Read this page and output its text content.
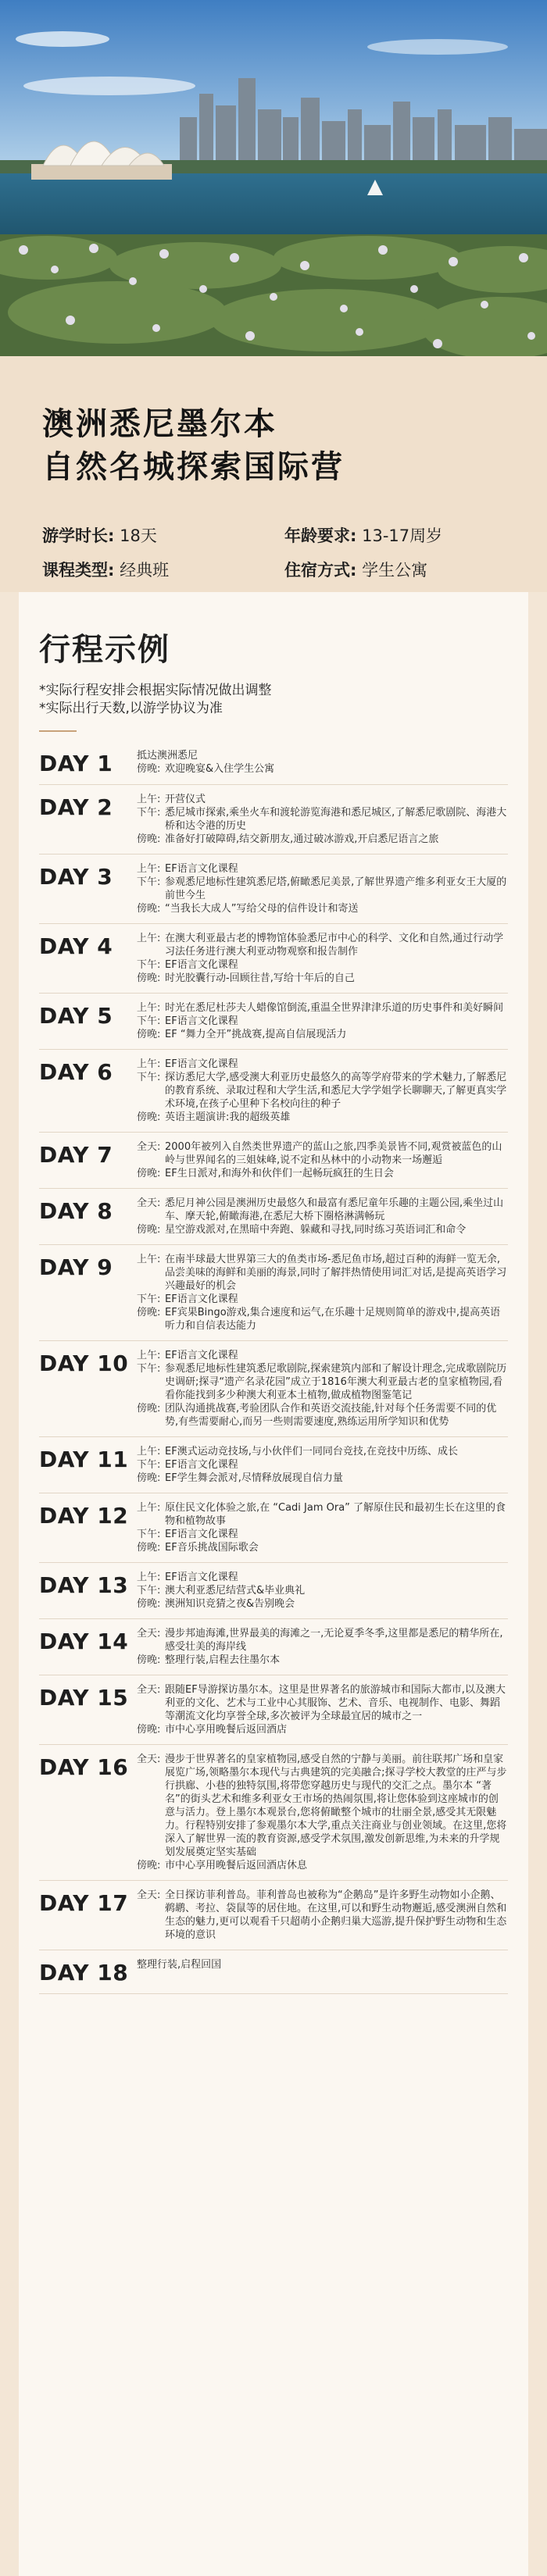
澳洲悉尼墨尔本
自然名城探索国际营
游学时长: 18天	年龄要求: 13-17周岁
课程类型: 经典班	住宿方式: 学生公寓
行程示例
*实际行程安排会根据实际情况做出调整
*实际出行天数,以游学协议为准
DAY 1	抵达澳洲悉尼
傍晚: 欢迎晚宴&入住学生公寓
DAY 2	上午: 开营仪式
下午: 悉尼城市探索,乘坐火车和渡轮游览海港和悉尼城区,了解悉尼歌剧院、海港大桥和达令港的历史
傍晚: 准备好打破障碍,结交新朋友,通过破冰游戏,开启悉尼语言之旅
DAY 3	上午: EF语言文化课程
下午: 参观悉尼地标性建筑悉尼塔,俯瞰悉尼美景,了解世界遗产维多利亚女王大厦的前世今生
傍晚: “当我长大成人”写给父母的信件设计和寄送
DAY 4	上午: 在澳大利亚最古老的博物馆体验悉尼市中心的科学、文化和自然,通过行动学习法任务进行澳大利亚动物观察和报告制作
下午: EF语言文化课程
傍晚: 时光胶囊行动-回顾往昔,写给十年后的自己
DAY 5	上午: 时光在悉尼杜莎夫人蜡像馆倒流,重温全世界津津乐道的历史事件和美好瞬间
下午: EF语言文化课程
傍晚: EF “舞力全开”挑战赛,提高自信展现活力
DAY 6	上午: EF语言文化课程
下午: 探访悉尼大学,感受澳大利亚历史最悠久的高等学府带来的学术魅力,了解悉尼的教育系统、录取过程和大学生活,和悉尼大学学姐学长聊聊天,了解更真实学术环境,在孩子心里种下名校向往的种子
傍晚: 英语主题演讲:我的超级英雄
DAY 7	全天: 2000年被列入自然类世界遗产的蓝山之旅,四季美景皆不同,观赏被蓝色的山岭与世界闻名的三姐妹峰,说不定和丛林中的小动物来一场邂逅
傍晚: EF生日派对,和海外和伙伴们一起畅玩疯狂的生日会
DAY 8	全天: 悉尼月神公园是澳洲历史最悠久和最富有悉尼童年乐趣的主题公园,乘坐过山车、摩天轮,俯瞰海港,在悉尼大桥下圈格淋满畅玩
傍晚: 星空游戏派对,在黑暗中奔跑、躲藏和寻找,同时练习英语词汇和命令
DAY 9	上午: 在南半球最大世界第三大的鱼类市场-悉尼鱼市场,超过百种的海鲜一览无余,品尝美味的海鲜和美丽的海景,同时了解拌热情使用词汇对话,是提高英语学习兴趣最好的机会
下午: EF语言文化课程
傍晚: EF宾果Bingo游戏,集合速度和运气,在乐趣十足规则简单的游戏中,提高英语听力和自信表达能力
DAY 10 上午: EF语言文化课程
下午: 参观悉尼地标性建筑悉尼歌剧院,探索建筑内部和了解设计理念,完成歌剧院历史调研;探寻“遗产名录花园”成立于1816年澳大利亚最古老的皇家植物园,看看你能找到多少种澳大利亚本土植物,做成植物图鉴笔记
傍晚: 团队沟通挑战赛,考验团队合作和英语交流技能,针对每个任务需要不同的优势,有些需要耐心,而另一些则需要速度,熟练运用所学知识和优势
DAY 11 上午: EF澳式运动竞技场,与小伙伴们一同同台竞技,在竞技中历练、成长
下午: EF语言文化课程
傍晚: EF学生舞会派对,尽情释放展现自信力量
DAY 12 上午: 原住民文化体验之旅,在 “Cadi Jam Ora” 了解原住民和最初生长在这里的食物和植物故事
下午: EF语言文化课程
傍晚: EF音乐挑战国际歌会
DAY 13 上午: EF语言文化课程
下午: 澳大利亚悉尼结营式&毕业典礼
傍晚: 澳洲知识竞猜之夜&告别晚会
DAY 14 全天: 漫步邦迪海滩,世界最美的海滩之一,无论夏季冬季,这里都是悉尼的精华所在,感受壮美的海岸线
傍晚: 整理行装,启程去往墨尔本
DAY 15 全天: 跟随EF导游探访墨尔本。这里是世界著名的旅游城市和国际大都市,以及澳大利亚的文化、艺术与工业中心其服饰、艺术、音乐、电视制作、电影、舞蹈等潮流文化均享誉全球,多次被评为全球最宜居的城市之一
傍晚: 市中心享用晚餐后返回酒店
DAY 16 全天: 漫步于世界著名的皇家植物园,感受自然的宁静与美丽。前往联邦广场和皇家展览广场,领略墨尔本现代与古典建筑的完美融合;探寻学校大教堂的庄严与步行拱廊、小巷的独特氛围,将带您穿越历史与现代的交汇之点。墨尔本 “著名”的街头艺术和维多利亚女王市场的热闹氛围,将让您体验到这座城市的创意与活力。登上墨尔本观景台,您将俯瞰整个城市的壮丽全景,感受其无限魅力。行程特别安排了参观墨尔本大学,重点关注商业与创业领域。在这里,您将深入了解世界一流的教育资源,感受学术氛围,激发创新思维,为未来的升学规划发展奠定坚实基础
傍晚: 市中心享用晚餐后返回酒店休息
DAY 17 全天: 全日探访菲利普岛。菲利普岛也被称为“企鹅岛”是许多野生动物如小企鹅、鹈鹕、考拉、袋鼠等的居住地。在这里,可以和野生动物邂逅,感受澳洲自然和生态的魅力,更可以观看千只超萌小企鹅归巢大巡游,提升保护野生动物和生态环境的意识
DAY 18 整理行装,启程回国
